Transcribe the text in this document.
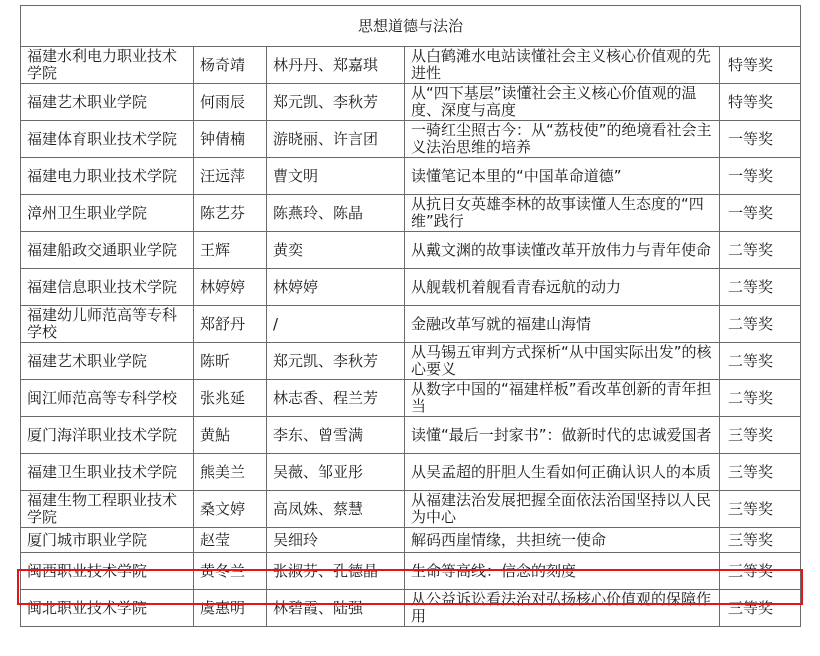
思想道德与法治				
福建水利电力职业技术学院	杨奇靖	林丹丹、郑嘉琪	从白鹤滩水电站读懂社会主义核心价值观的先进性	特等奖
福建艺术职业学院	何雨辰	郑元凯、李秋芳	从“四下基层”读懂社会主义核心价值观的温度、深度与高度	特等奖
福建体育职业技术学院	钟倩楠	游晓丽、许言团	一骑红尘照古今：从“荔枝使”的绝境看社会主义法治思维的培养	一等奖
福建电力职业技术学院	汪远萍	曹文明	读懂笔记本里的“中国革命道德”	一等奖
漳州卫生职业学院	陈艺芬	陈燕玲、陈晶	从抗日女英雄李林的故事读懂人生态度的“四维”践行	一等奖
福建船政交通职业学院	王辉	黄奕	从戴文渊的故事读懂改革开放伟力与青年使命	二等奖
福建信息职业技术学院	林婷婷	林婷婷	从舰载机着舰看青春远航的动力	二等奖
福建幼儿师范高等专科学校	郑舒丹	/	金融改革写就的福建山海情	二等奖
福建艺术职业学院	陈昕	郑元凯、李秋芳	从马锡五审判方式探析“从中国实际出发”的核心要义	二等奖
闽江师范高等专科学校	张兆延	林志香、程兰芳	从数字中国的“福建样板”看改革创新的青年担当	二等奖
厦门海洋职业技术学院	黄鮎	李东、曾雪满	读懂“最后一封家书”：做新时代的忠诚爱国者	三等奖
福建卫生职业技术学院	熊美兰	吴薇、邹亚彤	从吴孟超的肝胆人生看如何正确认识人的本质	三等奖
福建生物工程职业技术学院	桑文婷	高凤姝、蔡慧	从福建法治发展把握全面依法治国坚持以人民为中心	三等奖
厦门城市职业学院	赵莹	吴细玲	解码西崖情缘，共担统一使命	三等奖
闽西职业技术学院	黄冬兰	张淑芬、孔德晶	生命等高线：信念的刻度	三等奖
闽北职业技术学院	虞惠明	林碧霞、陆强	从公益诉讼看法治对弘扬核心价值观的保障作用	三等奖
